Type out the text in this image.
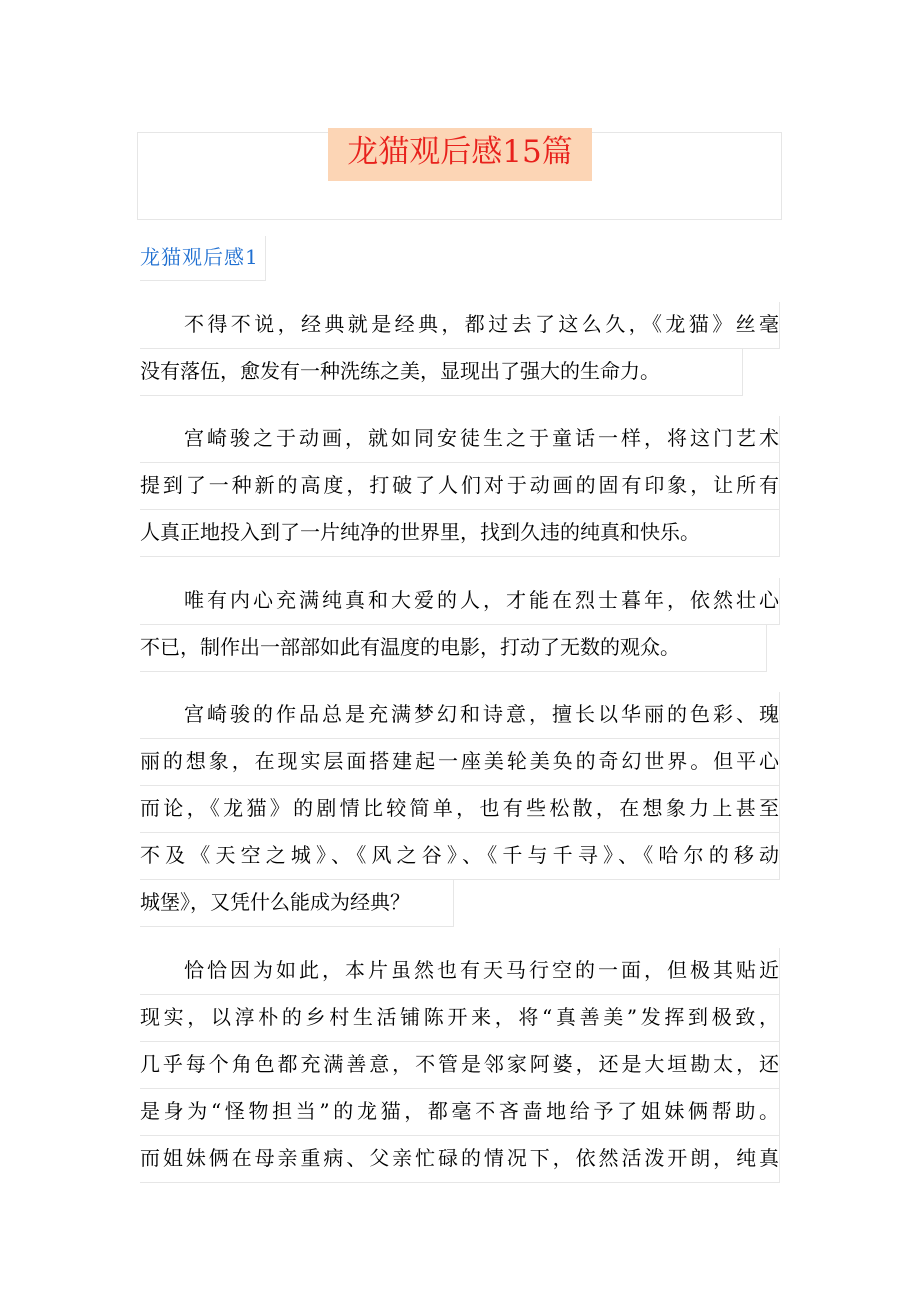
龙猫观后感15篇
龙猫观后感1
不得不说，经典就是经典，都过去了这么久，《龙猫》丝毫
没有落伍，愈发有一种洗练之美，显现出了强大的生命力。
宫崎骏之于动画，就如同安徒生之于童话一样，将这门艺术
提到了一种新的高度，打破了人们对于动画的固有印象，让所有
人真正地投入到了一片纯净的世界里，找到久违的纯真和快乐。
唯有内心充满纯真和大爱的人，才能在烈士暮年，依然壮心
不已，制作出一部部如此有温度的电影，打动了无数的观众。
宫崎骏的作品总是充满梦幻和诗意，擅长以华丽的色彩、瑰
丽的想象，在现实层面搭建起一座美轮美奂的奇幻世界。但平心
而论，《龙猫》的剧情比较简单，也有些松散，在想象力上甚至
不及《天空之城》、《风之谷》、《千与千寻》、《哈尔的移动
城堡》，又凭什么能成为经典？
恰恰因为如此，本片虽然也有天马行空的一面，但极其贴近
现实，以淳朴的乡村生活铺陈开来，将“真善美”发挥到极致，
几乎每个角色都充满善意，不管是邻家阿婆，还是大垣勘太，还
是身为“怪物担当”的龙猫，都毫不吝啬地给予了姐妹俩帮助。
而姐妹俩在母亲重病、父亲忙碌的情况下，依然活泼开朗，纯真
